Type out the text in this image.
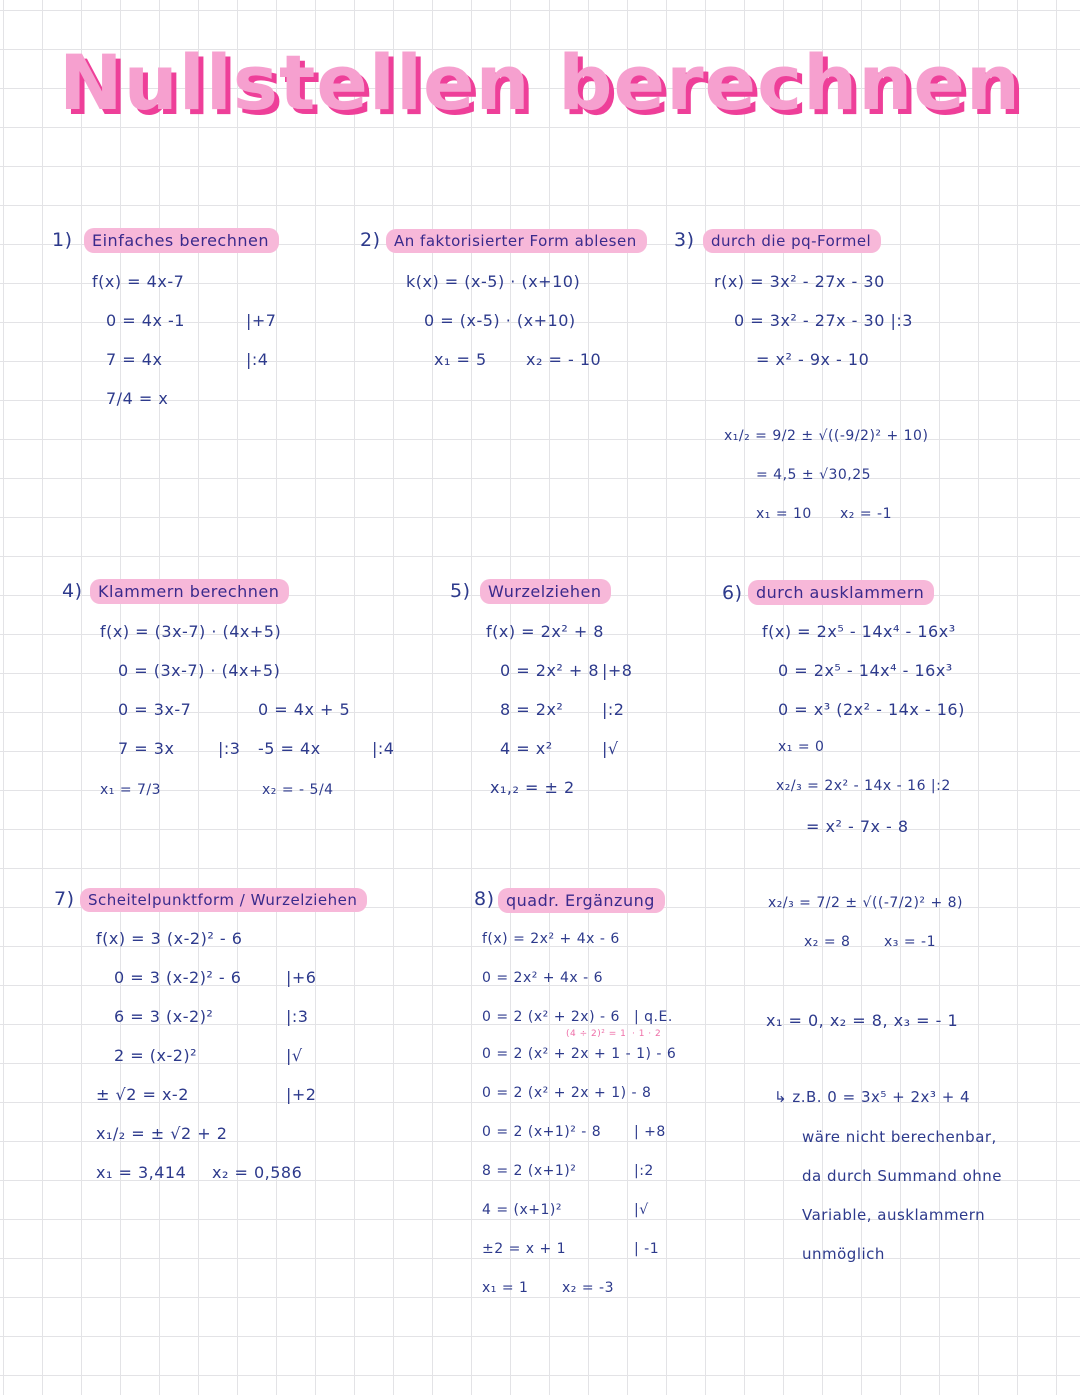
Nullstellen berechnen
1)	Einfaches berechnen
f(x) = 4x-7
0 = 4x -1	|+7
7 = 4x	|:4
7/4 = x
2) An faktorisierter Form ablesen
k(x) = (x-5) · (x+10)
0 = (x-5) · (x+10)
x₁ = 5 x₂ = - 10
3)	durch die pq-Formel
r(x) = 3x² - 27x - 30
0 = 3x² - 27x - 30 |:3
= x² - 9x - 10
x₁/₂ = 9/2 ± √((-9/2)² + 10)
= 4,5 ± √30,25
x₁ = 10 x₂ = -1
4) Klammern berechnen
f(x) = (3x-7) · (4x+5)
0 = (3x-7) · (4x+5)
0 = 3x-7	0 = 4x + 5
7 = 3x	|:3 -5 = 4x	|:4
x₁ = 7/3	x₂ = - 5/4
5)	Wurzelziehen
f(x) = 2x² + 8
0 = 2x² + 8 |+8
8 = 2x² |:2
4 = x²	|√
x₁,₂ = ± 2
6) durch ausklammern
f(x) = 2x⁵ - 14x⁴ - 16x³
0 = 2x⁵ - 14x⁴ - 16x³
0 = x³ (2x² - 14x - 16)
x₁ = 0
x₂/₃ = 2x² - 14x - 16 |:2
= x² - 7x - 8
x₂/₃ = 7/2 ± √((-7/2)² + 8)
x₂ = 8 x₃ = -1
x₁ = 0, x₂ = 8, x₃ = - 1
↳ z.B. 0 = 3x⁵ + 2x³ + 4
wäre nicht berechenbar,
da durch Summand ohne
Variable, ausklammern
unmöglich
7) Scheitelpunktform / Wurzelziehen
f(x) = 3 (x-2)² - 6
0 = 3 (x-2)² - 6	|+6
6 = 3 (x-2)²	|:3
2 = (x-2)²	|√
± √2 = x-2	|+2
x₁/₂ = ± √2 + 2
x₁ = 3,414 x₂ = 0,586
8) quadr. Ergänzung
f(x) = 2x² + 4x - 6
0 = 2x² + 4x - 6
0 = 2 (x² + 2x) - 6 | q.E.
(4 ÷ 2)² = 1 · 1 · 2
0 = 2 (x² + 2x + 1 - 1) - 6
0 = 2 (x² + 2x + 1) - 8
0 = 2 (x+1)² - 8 | +8
8 = 2 (x+1)²	|:2
4 = (x+1)²	|√
±2 = x + 1	| -1
x₁ = 1 x₂ = -3
